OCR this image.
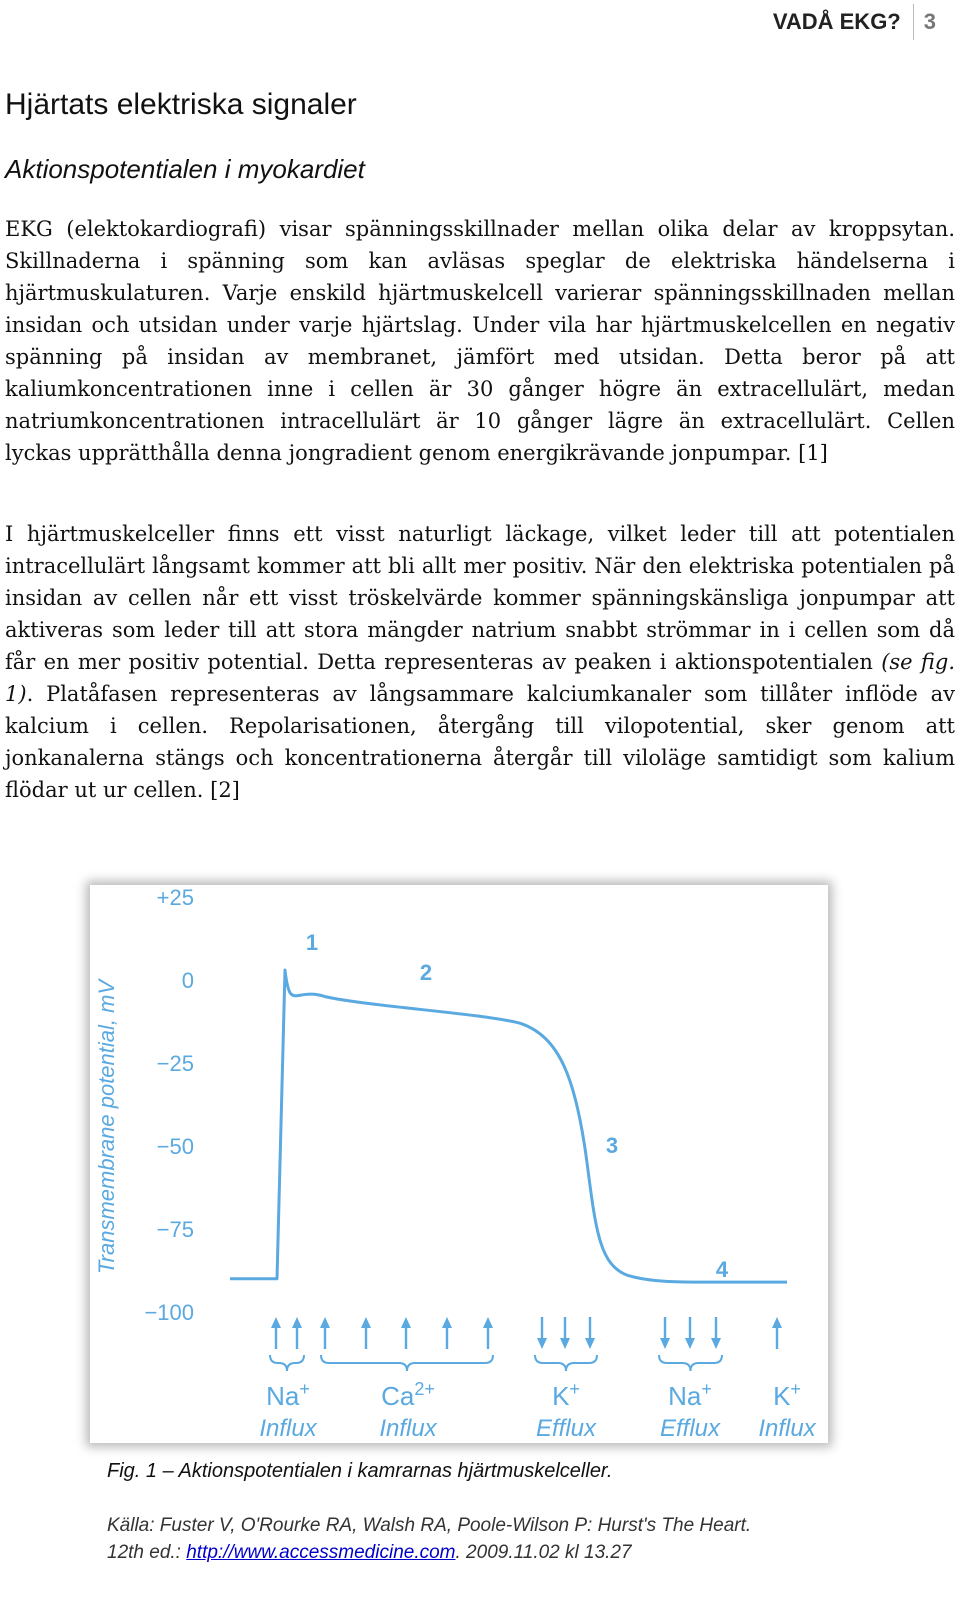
VADÅ EKG? 3
Hjärtats elektriska signaler
Aktionspotentialen i myokardiet

EKG (elektokardiografi) visar spänningsskillnader mellan olika delar av kroppsytan. Skillnaderna i spänning som kan avläsas speglar de elektriska händelserna i hjärtmuskulaturen. Varje enskild hjärtmuskelcell varierar spänningsskillnaden mellan insidan och utsidan under varje hjärtslag. Under vila har hjärtmuskelcellen en negativ spänning på insidan av membranet, jämfört med utsidan. Detta beror på att kaliumkoncentrationen inne i cellen är 30 gånger högre än extracellulärt, medan natriumkoncentrationen intracellulärt är 10 gånger lägre än extracellulärt. Cellen lyckas upprätthålla denna jongradient genom energikrävande jonpumpar. [1]

I hjärtmuskelceller finns ett visst naturligt läckage, vilket leder till att potentialen intracellulärt långsamt kommer att bli allt mer positiv. När den elektriska potentialen på insidan av cellen når ett visst tröskelvärde kommer spänningskänsliga jonpumpar att aktiveras som leder till att stora mängder natrium snabbt strömmar in i cellen som då får en mer positiv potential. Detta representeras av peaken i aktionspotentialen (se fig. 1). Platåfasen representeras av långsammare kalciumkanaler som tillåter inflöde av kalcium i cellen. Repolarisationen, återgång till vilopotential, sker genom att jonkanalerna stängs och koncentrationerna återgår till viloläge samtidigt som kalium flödar ut ur cellen. [2]

Transmembrane potential, mV
+25
0
−25
−50
−75
−100
1
2
3
4
Na+
Influx
$Ca^{2+}$
Influx
K+
Efflux
Na+
Efflux
K+
Influx
Fig. 1 – Aktionspotentialen i kamrarnas hjärtmuskelceller.
Källa: Fuster V, O'Rourke RA, Walsh RA, Poole-Wilson P: Hurst's The Heart.
12th ed.: http://www.accessmedicine.com. 2009.11.02 kl 13.27
